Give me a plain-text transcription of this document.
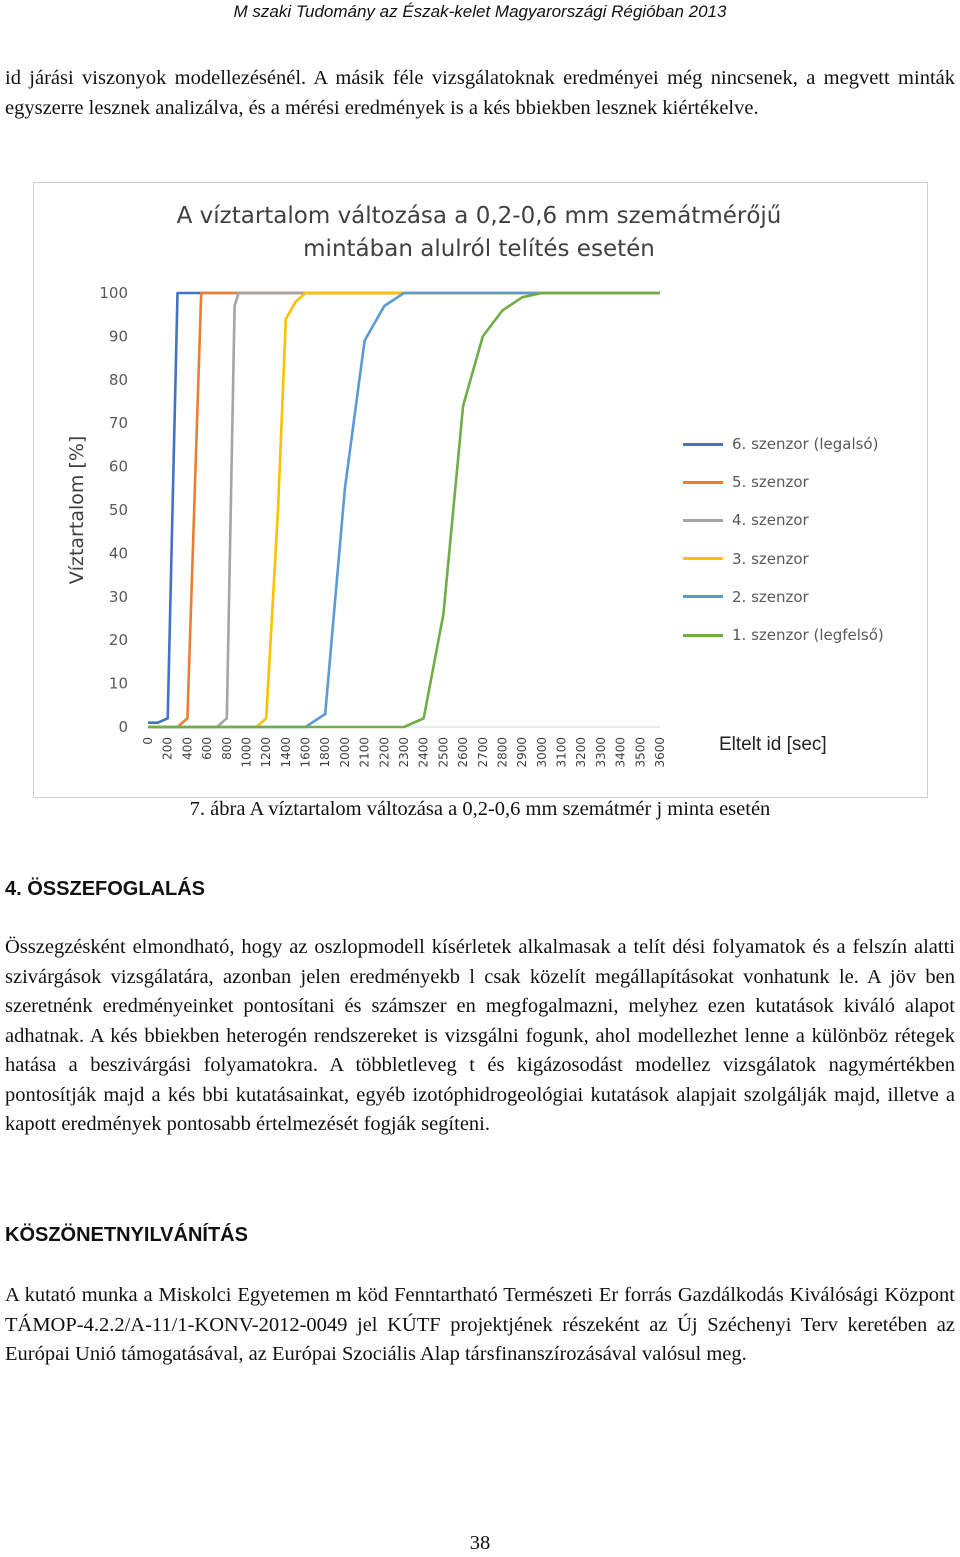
M szaki Tudomány az Észak-kelet Magyarországi Régióban 2013

id járási viszonyok modellezésénél. A másik féle vizsgálatoknak eredményei még nincsenek, a megvett minták egyszerre lesznek analizálva, és a mérési eredmények is a kés bbiekben lesznek kiértékelve.

A víztartalom változása a 0,2-0,6 mm szemátmérőjű
mintában alulról telítés esetén
Víztartalom [%]
0
10
20
30
40
50
60
70
80
90
100
0 200 400 600 800 1000 1200 1400 1600 1800 2000 2100 2200 2300 2400 2500 2600 2700 2800 2900 3000 3100 3200 3300 3400 3500 3600
6. szenzor (legalsó)
5. szenzor
4. szenzor
3. szenzor
2. szenzor
1. szenzor (legfelső)
Eltelt id [sec]
7. ábra A víztartalom változása a 0,2-0,6 mm szemátmér j minta esetén
4. ÖSSZEFOGLALÁS

Összegzésként elmondható, hogy az oszlopmodell kísérletek alkalmasak a telít dési folyamatok és a felszín alatti szivárgások vizsgálatára, azonban jelen eredményekb l csak közelít megállapításokat vonhatunk le. A jöv ben szeretnénk eredményeinket pontosítani és számszer en megfogalmazni, melyhez ezen kutatások kiváló alapot adhatnak. A kés bbiekben heterogén rendszereket is vizsgálni fogunk, ahol modellezhet lenne a különböz rétegek hatása a beszivárgási folyamatokra. A többletleveg t és kigázosodást modellez vizsgálatok nagymértékben pontosítják majd a kés bbi kutatásainkat, egyéb izotóphidrogeológiai kutatások alapjait szolgálják majd, illetve a kapott eredmények pontosabb értelmezését fogják segíteni.

KÖSZÖNETNYILVÁNÍTÁS

A kutató munka a Miskolci Egyetemen m köd Fenntartható Természeti Er forrás Gazdálkodás Kiválósági Központ TÁMOP-4.2.2/A-11/1-KONV-2012-0049 jel KÚTF projektjének részeként az Új Széchenyi Terv keretében az Európai Unió támogatásával, az Európai Szociális Alap társfinanszírozásával valósul meg.

38
